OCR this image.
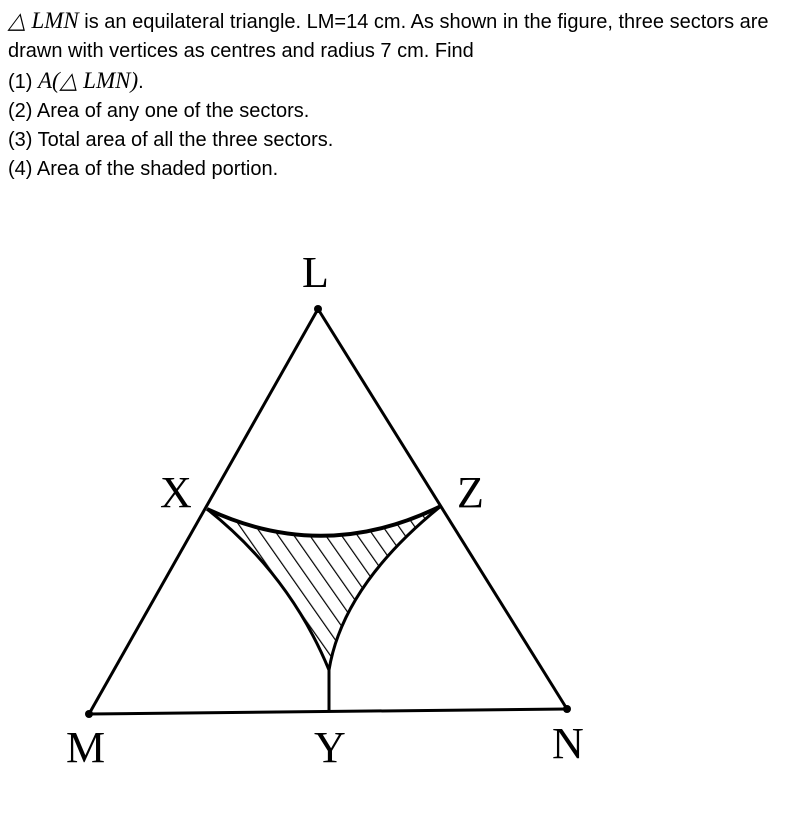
△ LMN is an equilateral triangle. LM=14 cm. As shown in the figure, three sectors are drawn with vertices as centres and radius 7 cm. Find

(1) A(△ LMN).

(2) Area of any one of the sectors.

(3) Total area of all the three sectors.

(4) Area of the shaded portion.

L
X	Z
M	Y	N
